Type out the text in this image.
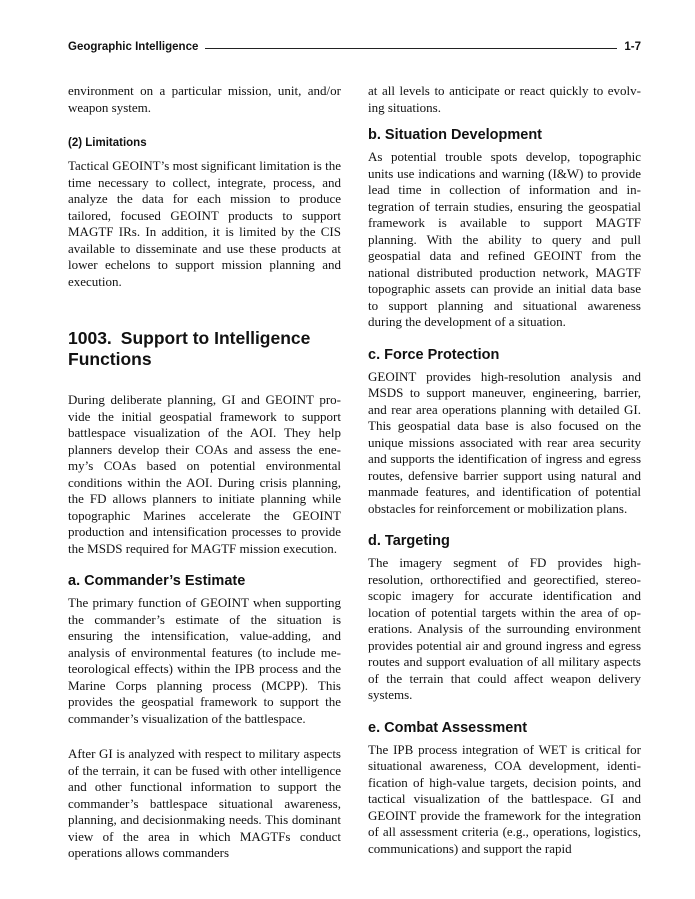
Geographic Intelligence	1-7

environment on a particular mission, unit, and/or weapon system.

(2) Limitations

Tactical GEOINT’s most significant limitation is the time necessary to collect, integrate, process, and analyze the data for each mission to produce tailored, focused GEOINT products to support MAGTF IRs. In addition, it is limited by the CIS available to disseminate and use these products at lower echelons to support mission planning and execution.

1003. Support to Intelligence Functions

During deliberate planning, GI and GEOINT provide the initial geospatial framework to support battlespace visualization of the AOI. They help planners develop their COAs and assess the enemy’s COAs based on potential environmental conditions within the AOI. During crisis planning, the FD allows planners to initiate planning while topographic Marines accelerate the GEOINT production and intensification processes to provide the MSDS required for MAGTF mission execution.

a. Commander’s Estimate

The primary function of GEOINT when supporting the commander’s estimate of the situation is ensuring the intensification, value-adding, and analysis of environmental features (to include meteorological effects) within the IPB process and the Marine Corps planning process (MCPP). This provides the geospatial framework to support the commander’s visualization of the battlespace.

After GI is analyzed with respect to military aspects of the terrain, it can be fused with other intelligence and other functional information to support the commander’s battlespace situational awareness, planning, and decisionmaking needs. This dominant view of the area in which MAGTFs conduct operations allows commanders

at all levels to anticipate or react quickly to evolving situations.

b. Situation Development

As potential trouble spots develop, topographic units use indications and warning (I&W) to provide lead time in collection of information and integration of terrain studies, ensuring the geospatial framework is available to support MAGTF planning. With the ability to query and pull geospatial data and refined GEOINT from the national distributed production network, MAGTF topographic assets can provide an initial data base to support planning and situational awareness during the development of a situation.

c. Force Protection

GEOINT provides high-resolution analysis and MSDS to support maneuver, engineering, barrier, and rear area operations planning with detailed GI. This geospatial data base is also focused on the unique missions associated with rear area security and supports the identification of ingress and egress routes, defensive barrier support using natural and manmade features, and identification of potential obstacles for reinforcement or mobilization plans.

d. Targeting

The imagery segment of FD provides high-resolution, orthorectified and georectified, stereoscopic imagery for accurate identification and location of potential targets within the area of operations. Analysis of the surrounding environment provides potential air and ground ingress and egress routes and support evaluation of all military aspects of the terrain that could affect weapon delivery systems.

e. Combat Assessment

The IPB process integration of WET is critical for situational awareness, COA development, identification of high-value targets, decision points, and tactical visualization of the battlespace. GI and GEOINT provide the framework for the integration of all assessment criteria (e.g., operations, logistics, communications) and support the rapid
